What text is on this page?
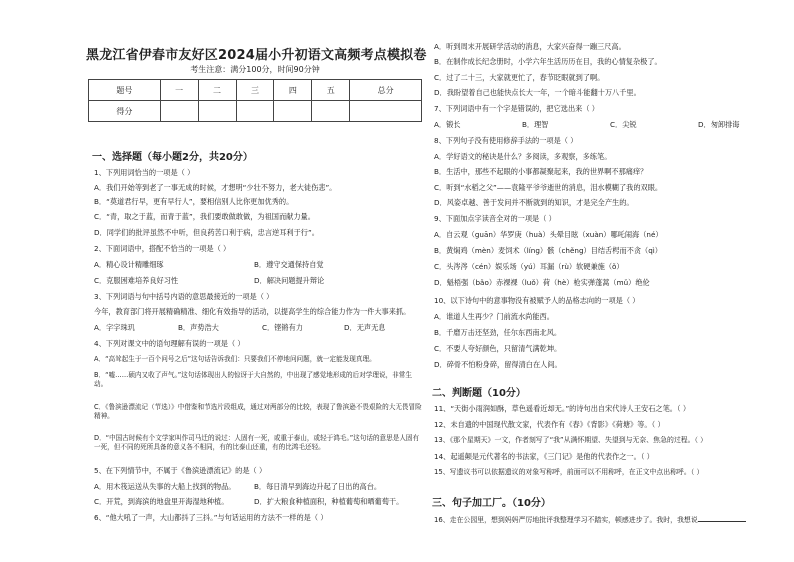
黑龙江省伊春市友好区2024届小升初语文高频考点模拟卷
考生注意：满分100分，时间90分钟
题号	一	二	三	四	五	总分
得分						
一、选择题（每小题2分，共20分）
1、下列用词恰当的一项是（ ）
A．我们开始等到老了一事无成的时候，才想明“少壮不努力，老大徒伤悲”。
B．“莫道君行早，更有早行人”，要相信别人比你更加优秀的。
C．“青，取之于蓝，而青于蓝”，我们要敢做敢做，为祖国而献力量。
D．同学们的批评虽然不中听，但良药苦口利于病，忠言逆耳利于行”。
2、下面词语中，搭配不恰当的一项是（ ）
A．精心设计精雕细琢	B．遵守交通保持自觉
C．克服困难培养良好习性	D．解决问题提升辩论
3、下列词语与句中括号内语的意思最接近的一项是（ ）
今年，教育部门将开展精确精准、细化有效指导的活动，以提高学生的综合能力作为一件大事来抓。
A．字字珠玑	B．声势浩大	C．铿锵有力	D．无声无息
4、下列对课文中的语句理解有误的一项是（ ）
A．“高耸起生于一百个问号之后”这句话告诉我们：只要我们不停地问问题，就一定能发现真理。
B．“嘘……硕内又收了声气。”这句话体现出人的惊讶于大自然的，中出现了感觉地形成的后对学理说，非常生动。
C．《鲁滨逊漂流记（节选）》中借鉴和节选片段组成，通过对两部分的比较，表现了鲁滨逊不畏艰险的大无畏冒险精神。
D．“中国古时候有个文学家叫作司马迁的说过：人固有一死，或重于泰山，或轻于鸿毛。”这句话的意思是人固有一死，但不同的死所具备的意义各不相同，有的比泰山还重，有的比鸿毛还轻。
5、在下列情节中，不属于《鲁滨逊漂流记》的是（ ）
A．用木筏运送从失事的大船上找到的物品。	B．每日清早到海边升起了日出的高台。
C．开荒，到海滨的地盘里开海湿地种植。	D．扩大粮食种植面积，种植葡萄和晒葡萄干。
6、“他大吼了一声，大山都抖了三抖。”与句话运用的方法不一样的是（ ）
A．听到周末开展研学活动的消息，大家兴奋得一蹦三尺高。
B．在制作成长纪念册时，小学六年生活历历在目，我的心情复杂极了。
C．过了二十三，大家就更忙了，春节眨眼就到了啊。
D．我盼望着自己也能快点长大一年，一个暗斗能翻十万八千里。
7、下列词语中有一个字是错误的，把它选出来（ ）
A．锻长	B．理智	C．尖锐	D．匆卸排诲
8、下列句子没有使用修辞手法的一项是（ ）
A．学好语文的秘诀是什么？多阅读，多观察，多练笔。
B．生活中，那些不起眼的小事都凝聚起来，我的世界啊不那痛痒？
C．听到“水稻之父”——袁隆平爷爷逝世的消息，泪水模糊了我的双眼。
D．风姿卓越、善于发问并不断就到的知识，才是完全产生的。
9、下面加点字读音全对的一项是（ ）
A．自云观（guān）华罗庚（huà）头晕目眩（xuàn）哪吒闹海（né）
B．黄焖鸡（mèn）麦饲术（líng）骸（chěng）目结舌枵而不贪（qì）
C．头涔涔（cén）娱乐场（yú）耳漏（rù）软硬兼施（ǒ）
D．魁梧强（bǎo）赤裸裸（luǒ）荷（hè）枪实弹蓬蒿（mǔ）绝伦
10、以下诗句中的意事物没有被赋予人的品格志向的一项是（ ）
A．谁道人生再少？门前流水尚能西。
B．千磨万击还坚劲，任尔东西南北风。
C．不要人夸好颜色，只留清气满乾坤。
D．碎骨不怕粉身碎，留得清白在人间。
二、判断题（10分）
11、“天街小雨润如酥，草色遥看近却无。”的诗句出自宋代诗人王安石之笔。（ ）
12、未自遗的中国现代散文家，代表作有《春》《背影》《荷塘》等。（ ）
13、《那个星期天》一文，作者刻写了“我”从满怀期望、失望到与无奈、焦急的过程。（ ）
14、起遥颠是元代著名的书法家，《三门记》是他的代表作之一。（ ）
15、写遗议书可以依据遗议的对象写称呼，前面可以不用称呼，在正文中点出称呼。（ ）
三、句子加工厂。（10分）
16、走在公园里，想到妈妈严厉地批评我整理学习不踏实，顿感进步了。我时，我想说
